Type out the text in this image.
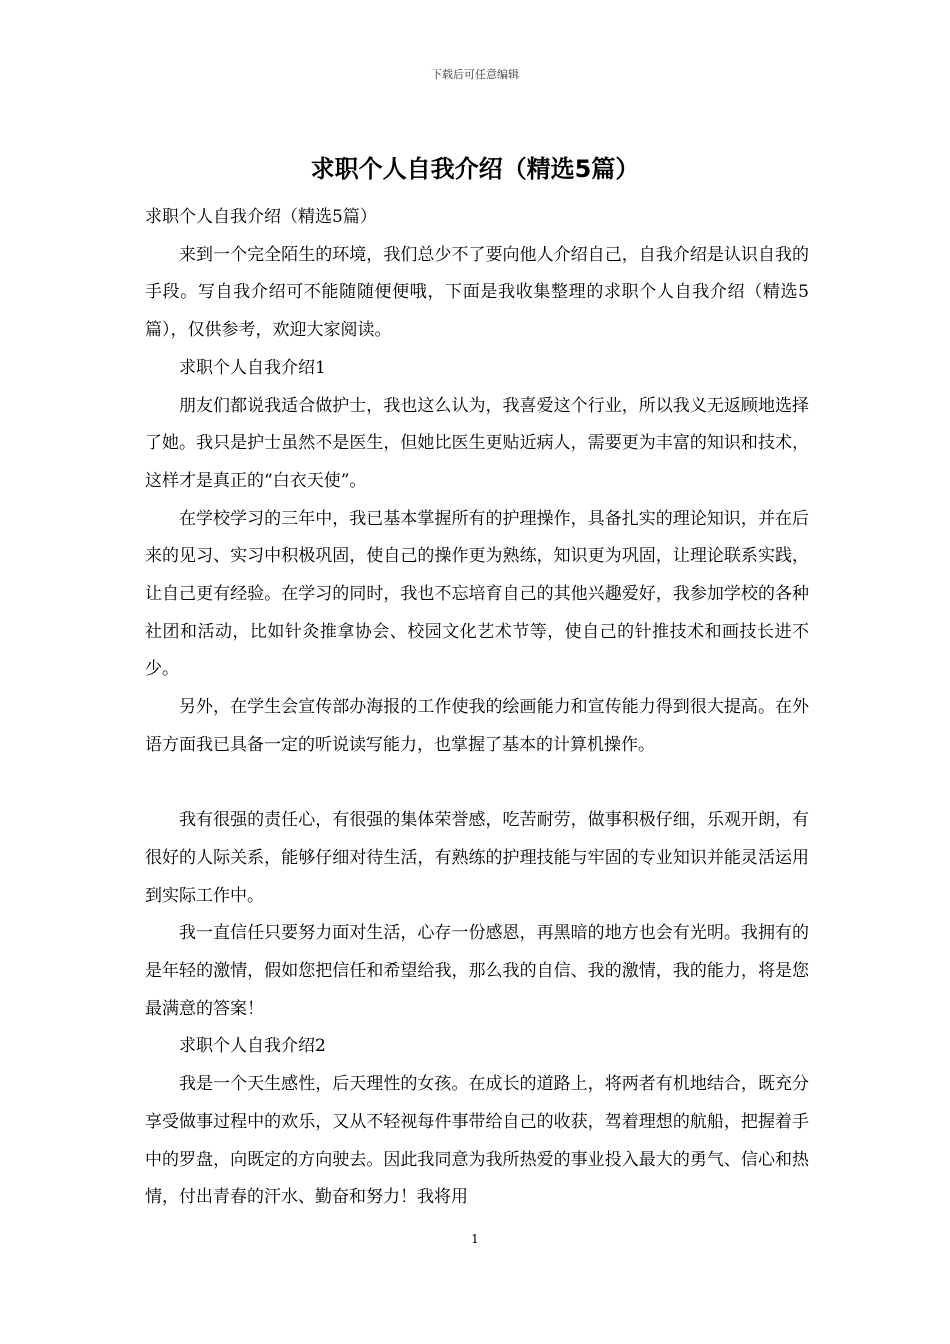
下载后可任意编辑
求职个人自我介绍（精选5篇）

求职个人自我介绍（精选5篇）

来到一个完全陌生的环境，我们总少不了要向他人介绍自己，自我介绍是认识自我的手段。写自我介绍可不能随随便便哦，下面是我收集整理的求职个人自我介绍（精选5篇），仅供参考，欢迎大家阅读。

求职个人自我介绍1

朋友们都说我适合做护士，我也这么认为，我喜爱这个行业，所以我义无返顾地选择了她。我只是护士虽然不是医生，但她比医生更贴近病人，需要更为丰富的知识和技术，这样才是真正的“白衣天使”。

在学校学习的三年中，我已基本掌握所有的护理操作，具备扎实的理论知识，并在后来的见习、实习中积极巩固，使自己的操作更为熟练，知识更为巩固，让理论联系实践，让自己更有经验。在学习的同时，我也不忘培育自己的其他兴趣爱好，我参加学校的各种社团和活动，比如针灸推拿协会、校园文化艺术节等，使自己的针推技术和画技长进不少。

另外，在学生会宣传部办海报的工作使我的绘画能力和宣传能力得到很大提高。在外语方面我已具备一定的听说读写能力，也掌握了基本的计算机操作。

我有很强的责任心，有很强的集体荣誉感，吃苦耐劳，做事积极仔细，乐观开朗，有很好的人际关系，能够仔细对待生活，有熟练的护理技能与牢固的专业知识并能灵活运用到实际工作中。

我一直信任只要努力面对生活，心存一份感恩，再黑暗的地方也会有光明。我拥有的是年轻的激情，假如您把信任和希望给我，那么我的自信、我的激情，我的能力，将是您最满意的答案！

求职个人自我介绍2

我是一个天生感性，后天理性的女孩。在成长的道路上，将两者有机地结合，既充分享受做事过程中的欢乐，又从不轻视每件事带给自己的收获，驾着理想的航船，把握着手中的罗盘，向既定的方向驶去。因此我同意为我所热爱的事业投入最大的勇气、信心和热情，付出青春的汗水、勤奋和努力！我将用

1
